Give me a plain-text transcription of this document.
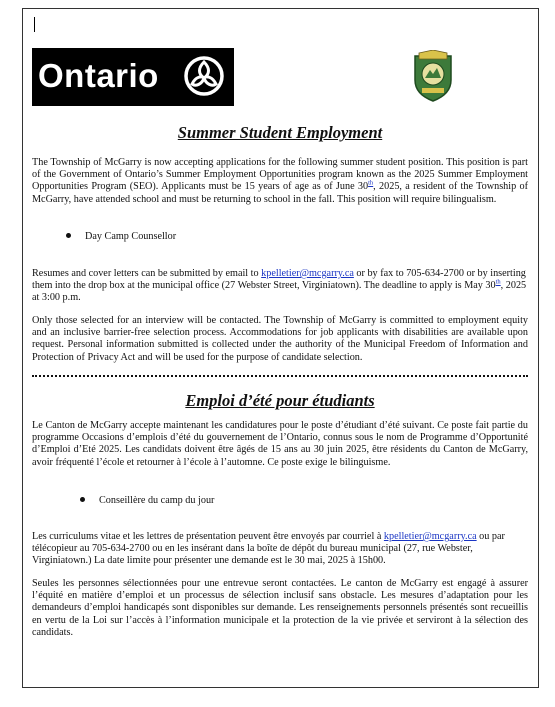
Ontario
Summer Student Employment
The Township of McGarry is now accepting applications for the following summer student position. This position is part of the Government of Ontario’s Summer Employment Opportunities program known as the 2025 Summer Employment Opportunities Program (SEO). Applicants must be 15 years of age as of June 30th, 2025, a resident of the Township of McGarry, have attended school and must be returning to school in the fall. This position will require bilingualism.
Day Camp Counsellor
Resumes and cover letters can be submitted by email to kpelletier@mcgarry.ca or by fax to 705-634-2700 or by inserting them into the drop box at the municipal office (27 Webster Street, Virginiatown). The deadline to apply is May 30th, 2025 at 3:00 p.m.
Only those selected for an interview will be contacted. The Township of McGarry is committed to employment equity and an inclusive barrier-free selection process. Accommodations for job applicants with disabilities are available upon request. Personal information submitted is collected under the authority of the Municipal Freedom of Information and Protection of Privacy Act and will be used for the purpose of candidate selection.
Emploi d’été pour étudiants
Le Canton de McGarry accepte maintenant les candidatures pour le poste d’étudiant d’été suivant. Ce poste fait partie du programme Occasions d’emplois d’été du gouvernement de l’Ontario, connus sous le nom de Programme d’Opportunité d’Emploi d’Eté 2025. Les candidats doivent être âgés de 15 ans au 30 juin 2025, être résidents du Canton de McGarry, avoir fréquenté l’école et retourner à l’école à l’automne. Ce poste exige le bilinguisme.
Conseillère du camp du jour
Les curriculums vitae et les lettres de présentation peuvent être envoyés par courriel à kpelletier@mcgarry.ca ou par télécopieur au 705-634-2700 ou en les insérant dans la boîte de dépôt du bureau municipal (27, rue Webster, Virginiatown.) La date limite pour présenter une demande est le 30 mai, 2025 à 15h00.
Seules les personnes sélectionnées pour une entrevue seront contactées. Le canton de McGarry est engagé à assurer l’équité en matière d’emploi et un processus de sélection inclusif sans obstacle. Les mesures d’adaptation pour les demandeurs d’emploi handicapés sont disponibles sur demande. Les renseignements personnels présentés sont recueillis en vertu de la Loi sur l’accès à l’information municipale et la protection de la vie privée et serviront à la sélection des candidats.
